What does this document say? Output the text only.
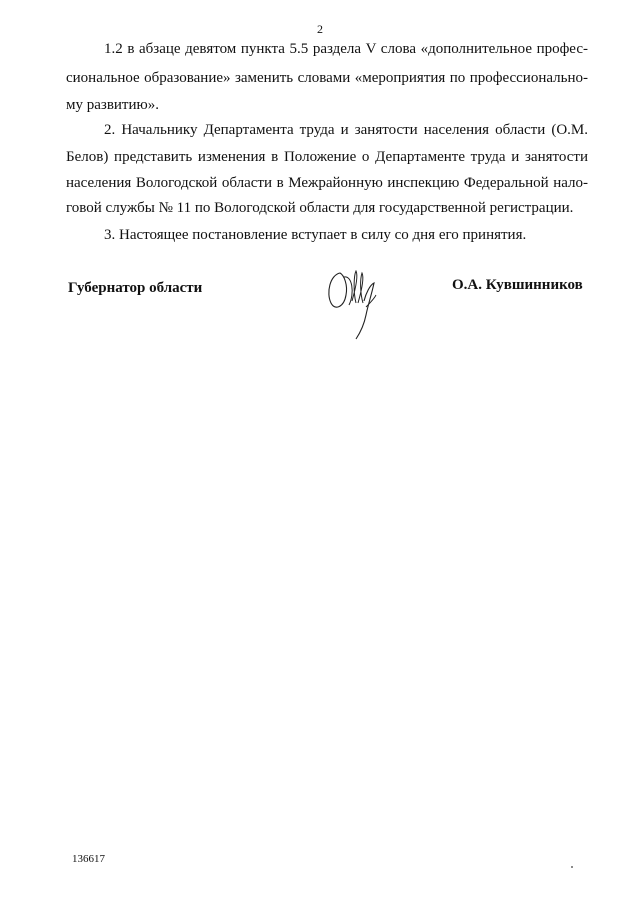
2
1.2 в абзаце девятом пункта 5.5 раздела V слова «дополнительное профес-
сиональное образование» заменить словами «мероприятия по профессионально-
му развитию».
2. Начальнику Департамента труда и занятости населения области (О.М.
Белов) представить изменения в Положение о Департаменте труда и занятости
населения Вологодской области в Межрайонную инспекцию Федеральной нало-
говой службы № 11 по Вологодской области для государственной регистрации.
3. Настоящее постановление вступает в силу со дня его принятия.
Губернатор области	О.А. Кувшинников
136617
